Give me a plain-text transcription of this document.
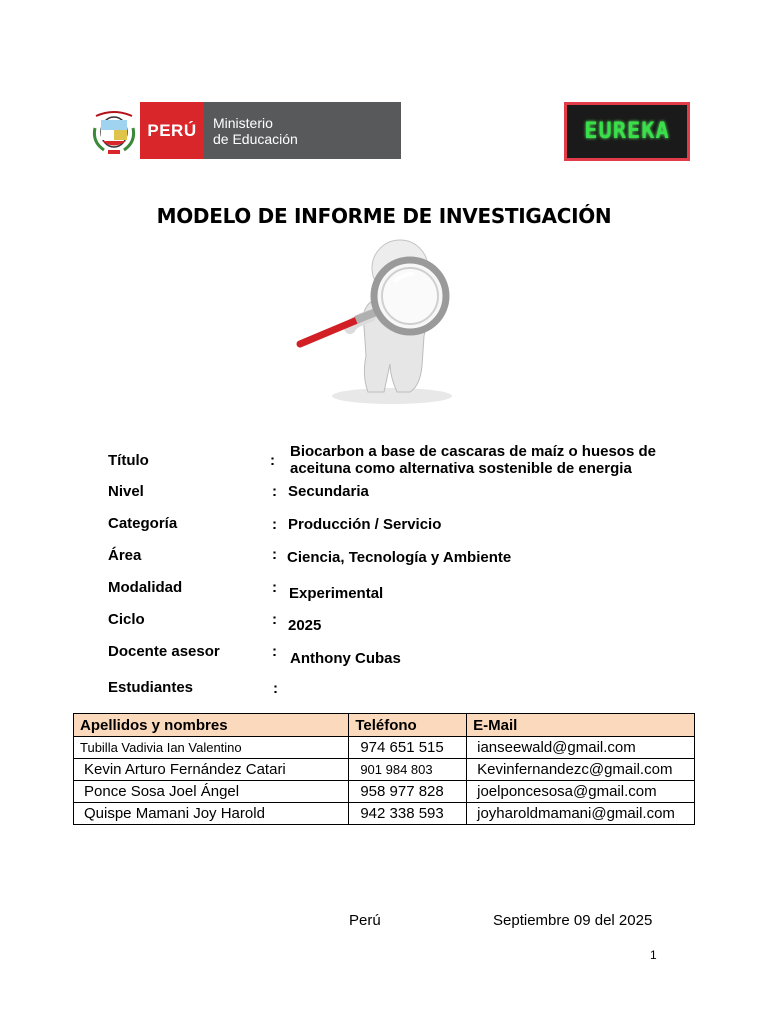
PERÚ	Ministerio
de Educación	EUREKA
MODELO DE INFORME DE INVESTIGACIÓN
Título	:
Biocarbon a base de cascaras de maíz o huesos de
aceituna como alternativa sostenible de energia
Nivel	: Secundaria
Categoría	: Producción / Servicio
Área	: Ciencia, Tecnología y Ambiente
Modalidad	: Experimental
Ciclo	: 2025
Docente asesor	: Anthony Cubas
Estudiantes	:
Apellidos y nombres	Teléfono	E-Mail
Tubilla Vadivia Ian Valentino	974 651 515	ianseewald@gmail.com
Kevin Arturo Fernández Catari	901 984 803	Kevinfernandezc@gmail.com
Ponce Sosa Joel Ángel	958 977 828	joelponcesosa@gmail.com
Quispe Mamani Joy Harold	942 338 593	joyharoldmamani@gmail.com
Perú	Septiembre 09 del 2025
1
